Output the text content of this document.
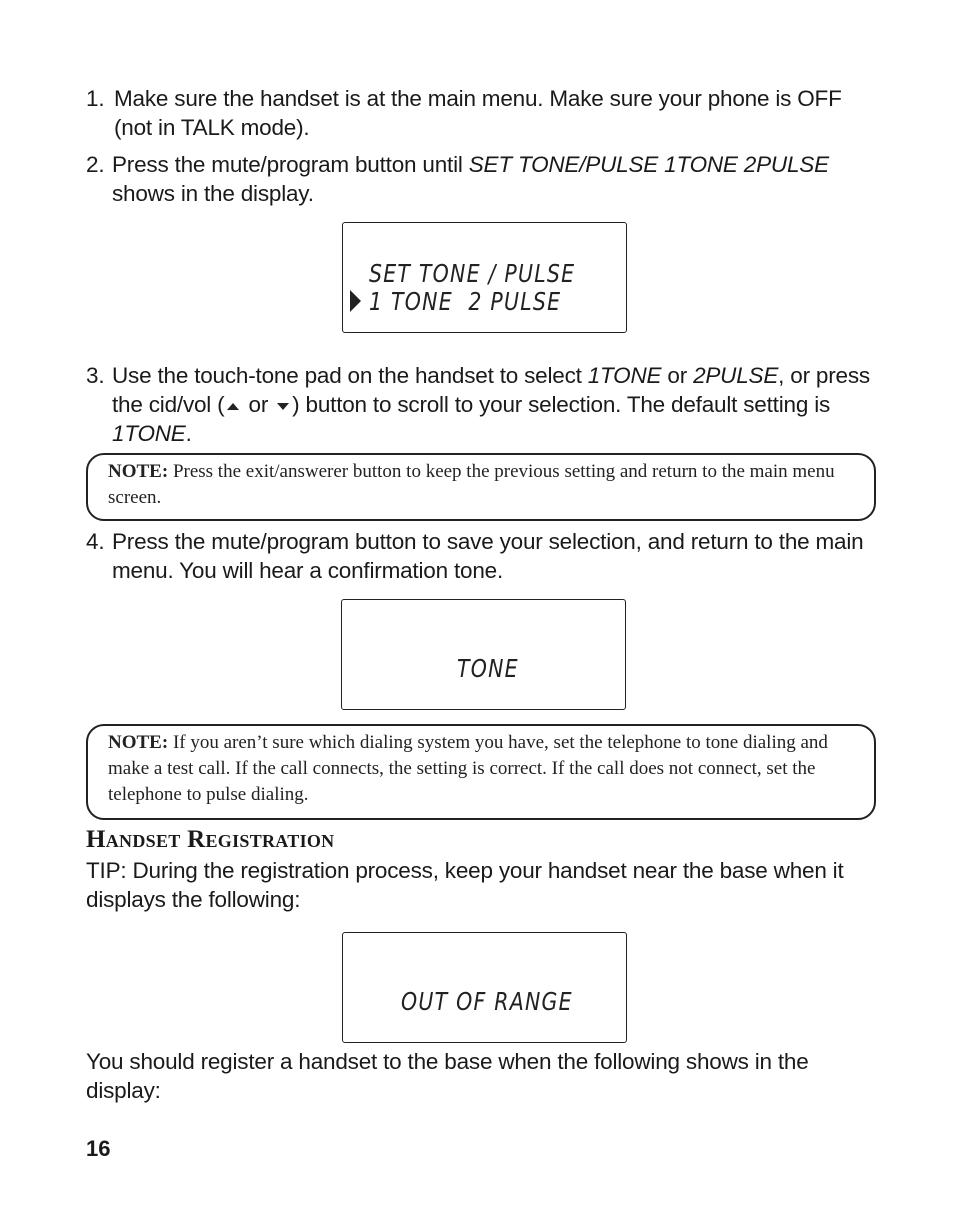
1. Make sure the handset is at the main menu. Make sure your phone is OFF (not in TALK mode).
2. Press the mute/program button until SET TONE/PULSE 1TONE 2PULSE shows in the display.
SET TONE / PULSE
1 TONE  2 PULSE
3. Use the touch-tone pad on the handset to select 1TONE or 2PULSE, or press the cid/vol ( or ) button to scroll to your selection. The default setting is 1TONE.
NOTE: Press the exit/answerer button to keep the previous setting and return to the main menu screen.
4. Press the mute/program button to save your selection, and return to the main menu. You will hear a confirmation tone.
TONE
NOTE: If you aren’t sure which dialing system you have, set the telephone to tone dialing and make a test call. If the call connects, the setting is correct. If the call does not connect, set the telephone to pulse dialing.
Handset Registration
TIP: During the registration process, keep your handset near the base when it displays the following:
OUT OF RANGE
You should register a handset to the base when the following shows in the display:
16
